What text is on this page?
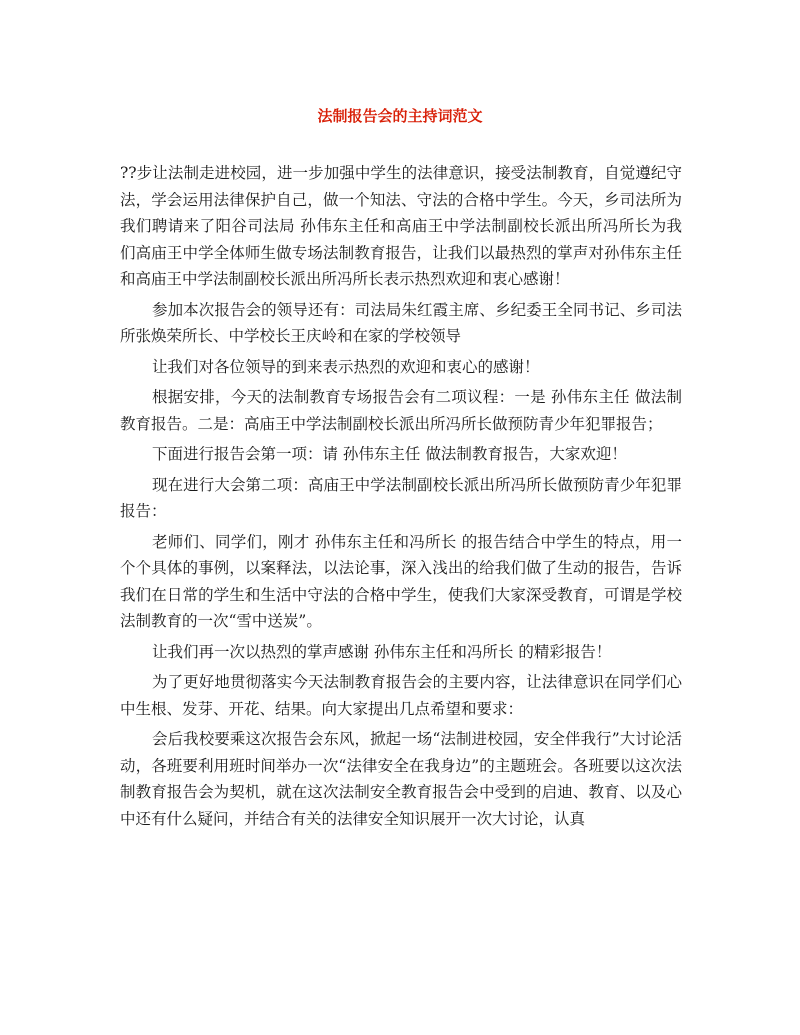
法制报告会的主持词范文

??步让法制走进校园，进一步加强中学生的法律意识，接受法制教育，自觉遵纪守法，学会运用法律保护自己，做一个知法、守法的合格中学生。今天，乡司法所为我们聘请来了阳谷司法局 孙伟东主任和高庙王中学法制副校长派出所冯所长为我们高庙王中学全体师生做专场法制教育报告，让我们以最热烈的掌声对孙伟东主任和高庙王中学法制副校长派出所冯所长表示热烈欢迎和衷心感谢！

参加本次报告会的领导还有：司法局朱红霞主席、乡纪委王全同书记、乡司法所张焕荣所长、中学校长王庆岭和在家的学校领导

让我们对各位领导的到来表示热烈的欢迎和衷心的感谢！

根据安排，今天的法制教育专场报告会有二项议程：一是 孙伟东主任 做法制教育报告。二是：高庙王中学法制副校长派出所冯所长做预防青少年犯罪报告；

下面进行报告会第一项：请 孙伟东主任 做法制教育报告，大家欢迎！

现在进行大会第二项：高庙王中学法制副校长派出所冯所长做预防青少年犯罪报告：

老师们、同学们，刚才 孙伟东主任和冯所长 的报告结合中学生的特点，用一个个具体的事例，以案释法，以法论事，深入浅出的给我们做了生动的报告，告诉我们在日常的学生和生活中守法的合格中学生，使我们大家深受教育，可谓是学校法制教育的一次“雪中送炭”。

让我们再一次以热烈的掌声感谢 孙伟东主任和冯所长 的精彩报告！

为了更好地贯彻落实今天法制教育报告会的主要内容，让法律意识在同学们心中生根、发芽、开花、结果。向大家提出几点希望和要求：

会后我校要乘这次报告会东风，掀起一场“法制进校园，安全伴我行”大讨论活动，各班要利用班时间举办一次“法律安全在我身边”的主题班会。各班要以这次法制教育报告会为契机，就在这次法制安全教育报告会中受到的启迪、教育、以及心中还有什么疑问，并结合有关的法律安全知识展开一次大讨论，认真
